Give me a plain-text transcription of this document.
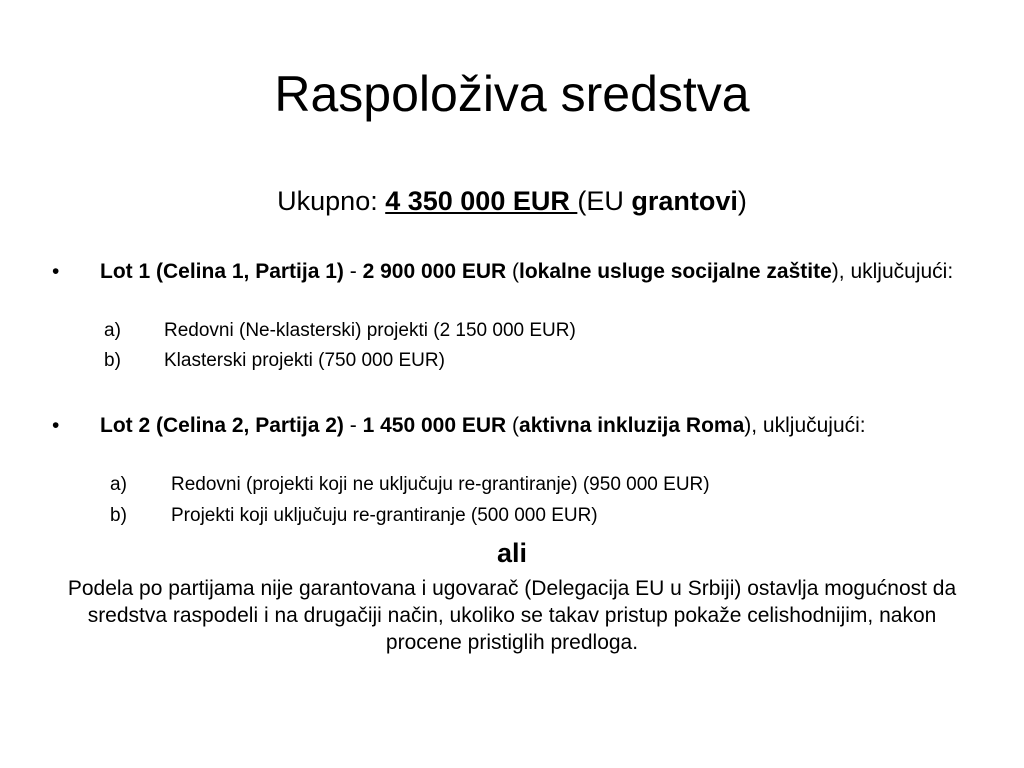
Raspoloživa sredstva
Ukupno: 4 350 000 EUR (EU grantovi)
•	Lot 1 (Celina 1, Partija 1) - 2 900 000 EUR (lokalne usluge socijalne zaštite), uključujući:
a) Redovni (Ne-klasterski) projekti (2 150 000 EUR)
b) Klasterski projekti (750 000 EUR)
•	Lot 2 (Celina 2, Partija 2) - 1 450 000 EUR (aktivna inkluzija Roma), uključujući:
a) Redovni (projekti koji ne uključuju re-grantiranje) (950 000 EUR)
b) Projekti koji uključuju re-grantiranje (500 000 EUR)
ali
Podela po partijama nije garantovana i ugovarač (Delegacija EU u Srbiji) ostavlja mogućnost da sredstva raspodeli i na drugačiji način, ukoliko se takav pristup pokaže celishodnijim, nakon procene pristiglih predloga.
